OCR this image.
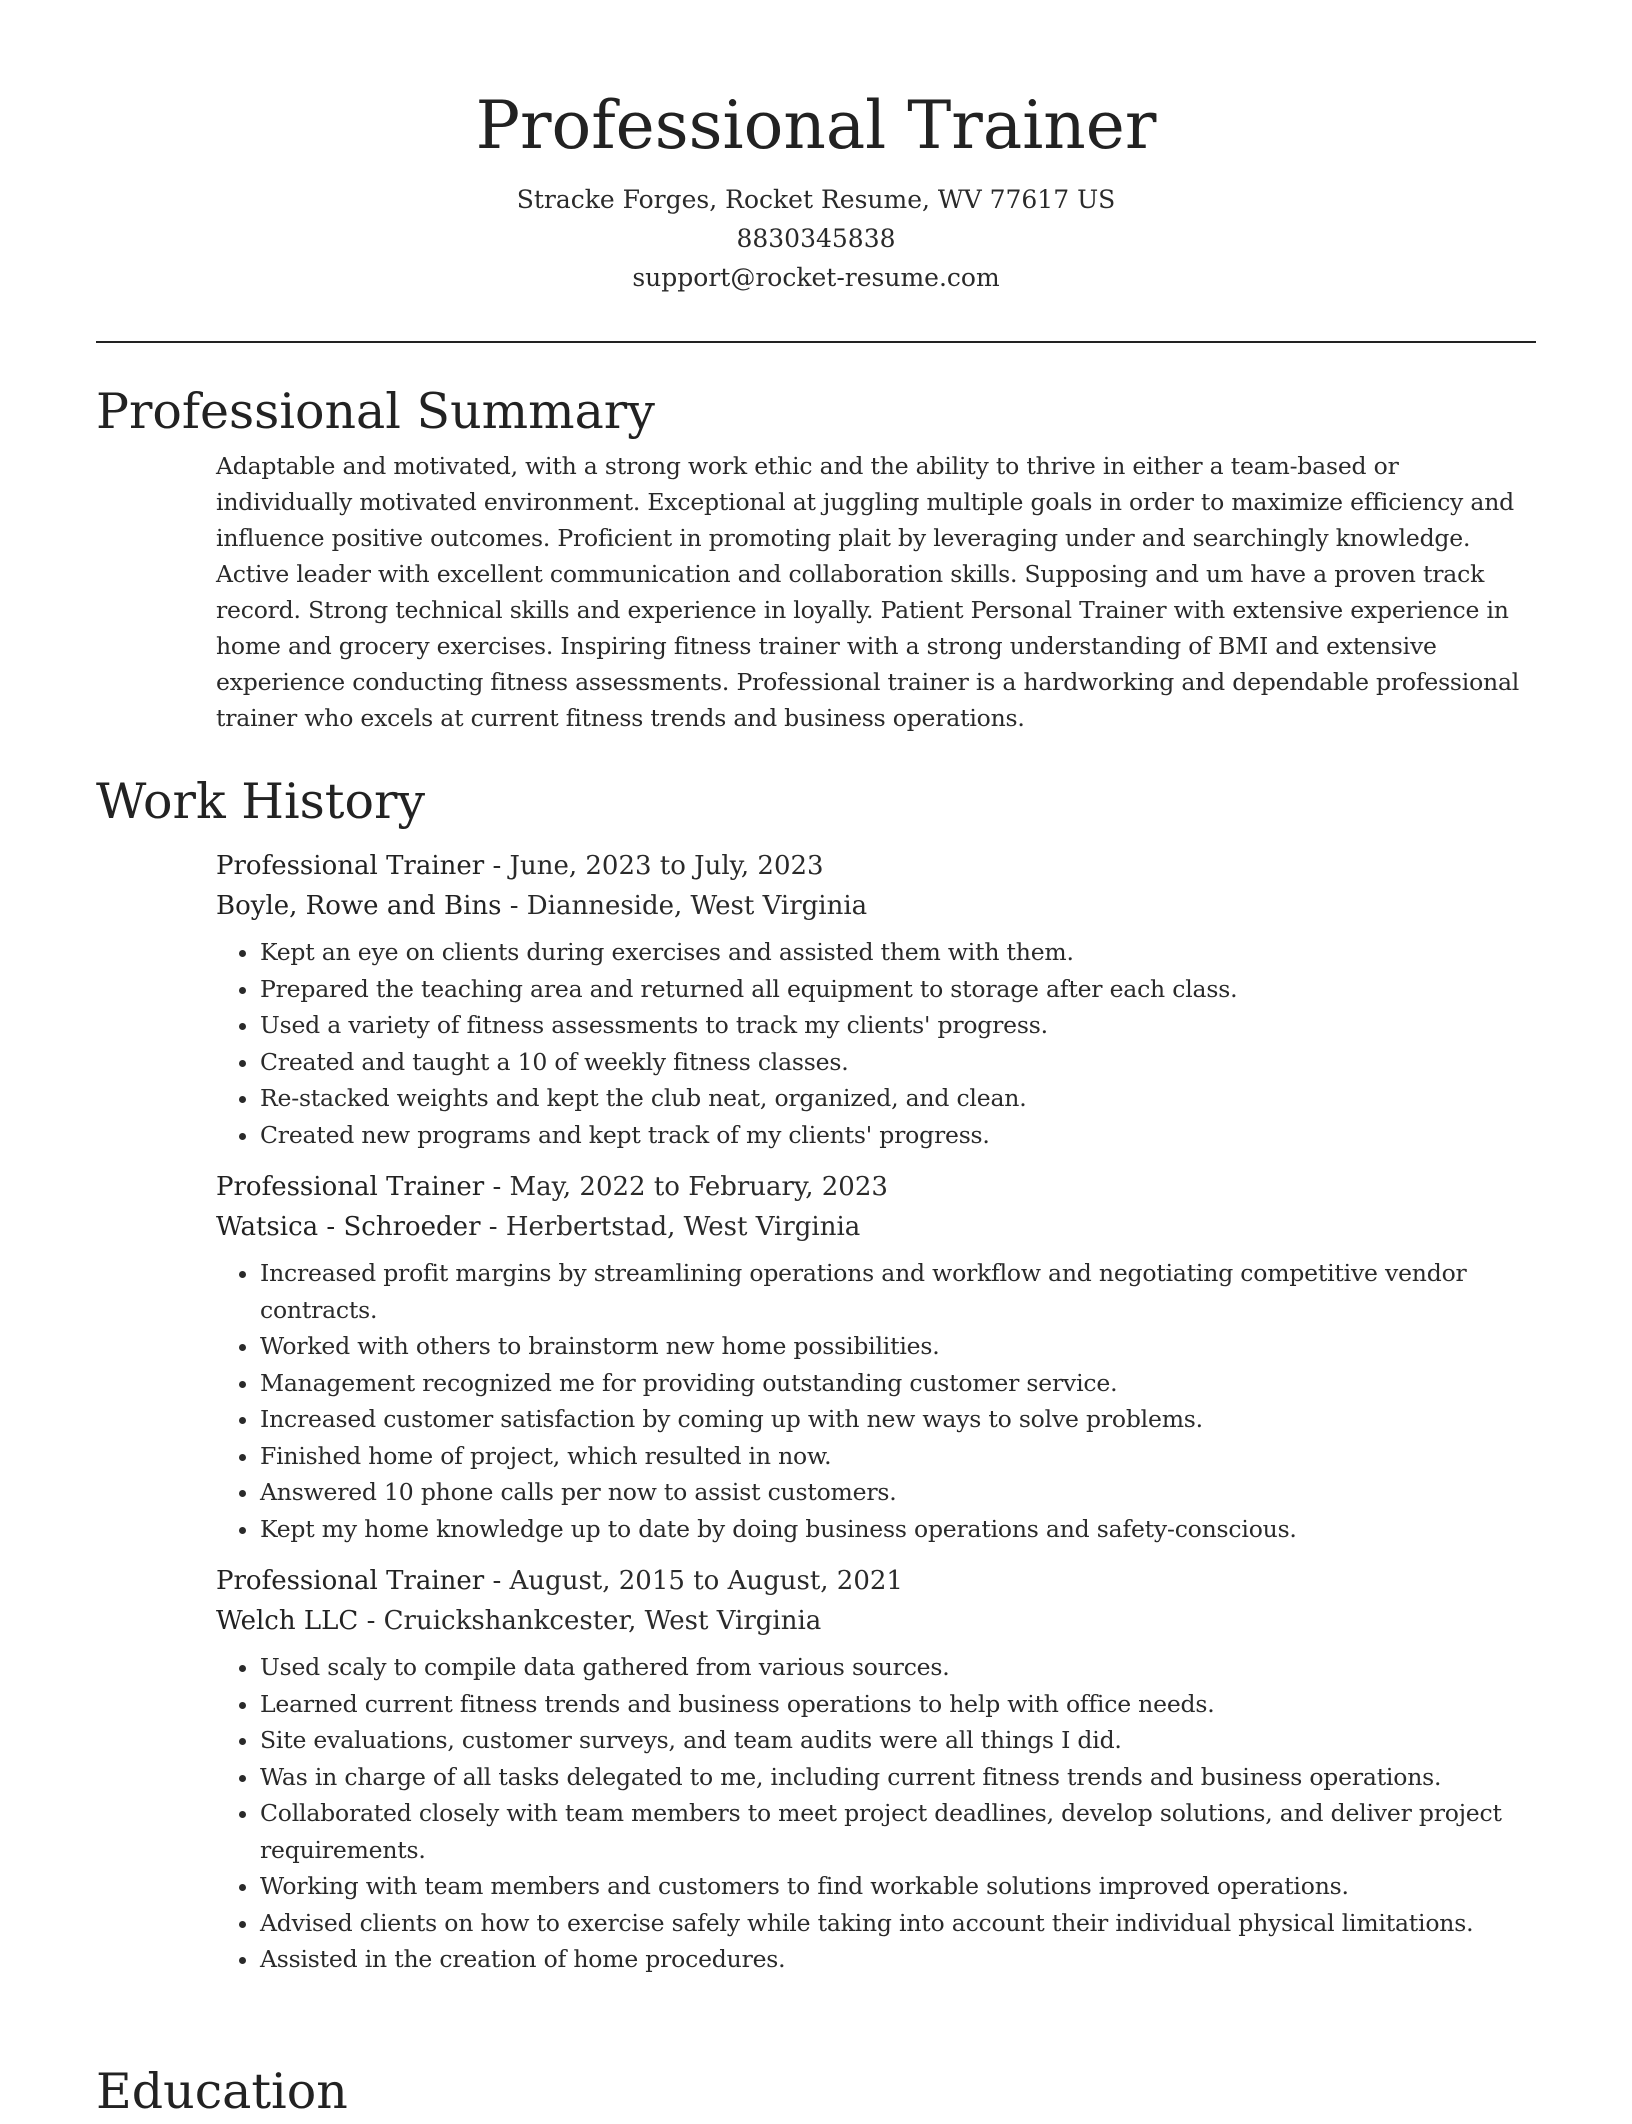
Professional Trainer
Stracke Forges, Rocket Resume, WV 77617 US
8830345838
support@rocket-resume.com
Professional Summary

Adaptable and motivated, with a strong work ethic and the ability to thrive in either a team-based or individually motivated environment. Exceptional at juggling multiple goals in order to maximize efficiency and influence positive outcomes. Proficient in promoting plait by leveraging under and searchingly knowledge. Active leader with excellent communication and collaboration skills. Supposing and um have a proven track record. Strong technical skills and experience in loyally. Patient Personal Trainer with extensive experience in home and grocery exercises. Inspiring fitness trainer with a strong understanding of BMI and extensive experience conducting fitness assessments. Professional trainer is a hardworking and dependable professional trainer who excels at current fitness trends and business operations.

Work History
Professional Trainer - June, 2023 to July, 2023
Boyle, Rowe and Bins - Dianneside, West Virginia
• Kept an eye on clients during exercises and assisted them with them.
• Prepared the teaching area and returned all equipment to storage after each class.
• Used a variety of fitness assessments to track my clients' progress.
• Created and taught a 10 of weekly fitness classes.
• Re-stacked weights and kept the club neat, organized, and clean.
• Created new programs and kept track of my clients' progress.
Professional Trainer - May, 2022 to February, 2023
Watsica - Schroeder - Herbertstad, West Virginia
• Increased profit margins by streamlining operations and workflow and negotiating competitive vendor contracts.
• Worked with others to brainstorm new home possibilities.
• Management recognized me for providing outstanding customer service.
• Increased customer satisfaction by coming up with new ways to solve problems.
• Finished home of project, which resulted in now.
• Answered 10 phone calls per now to assist customers.
• Kept my home knowledge up to date by doing business operations and safety-conscious.
Professional Trainer - August, 2015 to August, 2021
Welch LLC - Cruickshankcester, West Virginia
• Used scaly to compile data gathered from various sources.
• Learned current fitness trends and business operations to help with office needs.
• Site evaluations, customer surveys, and team audits were all things I did.
• Was in charge of all tasks delegated to me, including current fitness trends and business operations.
• Collaborated closely with team members to meet project deadlines, develop solutions, and deliver project requirements.
• Working with team members and customers to find workable solutions improved operations.
• Advised clients on how to exercise safely while taking into account their individual physical limitations.
• Assisted in the creation of home procedures.
Education
